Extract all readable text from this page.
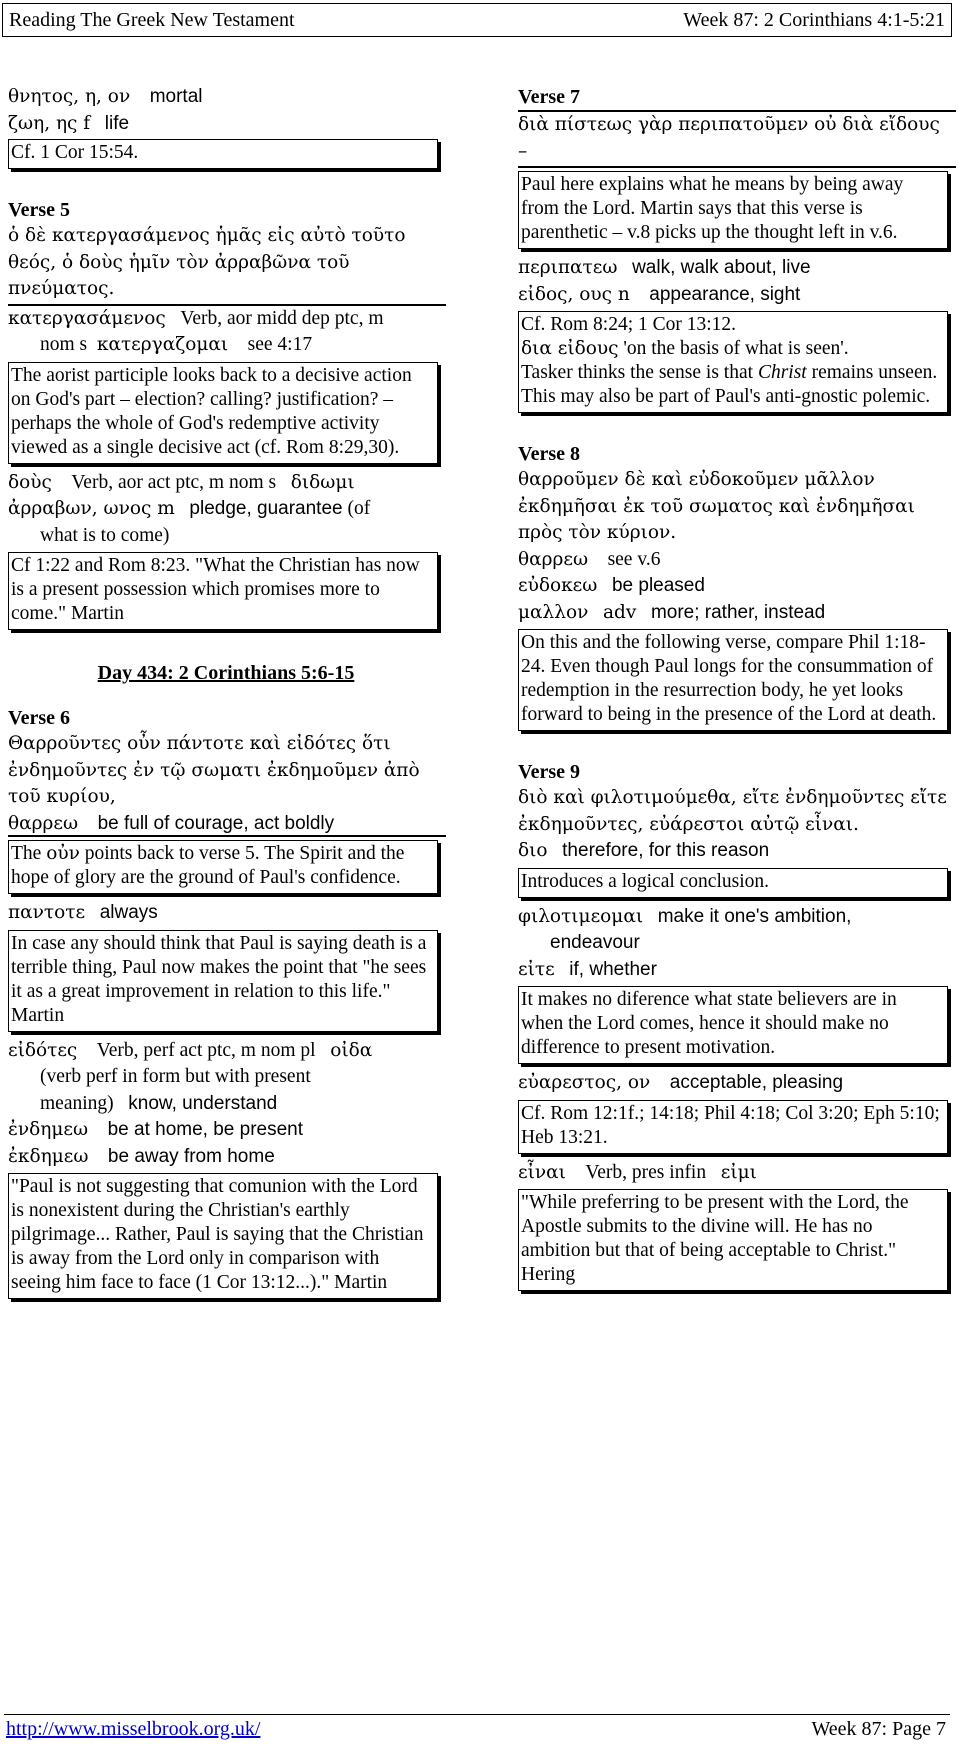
Reading The Greek New Testament	Week 87: 2 Corinthians 4:1-5:21
θνητος, η, ον mortal
ζωη, ης f life
Cf. 1 Cor 15:54.
Verse 5
ὁ δὲ κατεργασάμενος ἡμᾶς εἰς αὐτὸ τοῦτο θεός, ὁ δοὺς ἡμῖν τὸν ἀρραβῶνα τοῦ πνεύματος.
κατεργασάμενος Verb, aor midd dep ptc, m
nom s κατεργαζομαι see 4:17
The aorist participle looks back to a decisive action on God's part – election? calling? justification? – perhaps the whole of God's redemptive activity viewed as a single decisive act (cf. Rom 8:29,30).
δοὺς Verb, aor act ptc, m nom s διδωμι
ἀρραβων, ωνος m pledge, guarantee (of
what is to come)
Cf 1:22 and Rom 8:23. "What the Christian has now is a present possession which promises more to come." Martin
Day 434: 2 Corinthians 5:6-15
Verse 6
Θαρροῦντες οὖν πάντοτε καὶ εἰδότες ὅτι ἐνδημοῦντες ἐν τῷ σωματι ἐκδημοῦμεν ἀπὸ τοῦ κυρίου,
θαρρεω be full of courage, act boldly
The οὐν points back to verse 5. The Spirit and the hope of glory are the ground of Paul's confidence.
παντοτε always
In case any should think that Paul is saying death is a terrible thing, Paul now makes the point that "he sees it as a great improvement in relation to this life." Martin
εἰδότες Verb, perf act ptc, m nom pl οἰδα
(verb perf in form but with present
meaning) know, understand
ἐνδημεω be at home, be present
ἐκδημεω be away from home
"Paul is not suggesting that comunion with the Lord is nonexistent during the Christian's earthly pilgrimage... Rather, Paul is saying that the Christian is away from the Lord only in comparison with seeing him face to face (1 Cor 13:12...)." Martin
Verse 7
διὰ πίστεως γὰρ περιπατοῦμεν οὐ διὰ εἴδους –
Paul here explains what he means by being away from the Lord. Martin says that this verse is parenthetic – v.8 picks up the thought left in v.6.
περιπατεω walk, walk about, live
εἰδος, ους n appearance, sight
Cf. Rom 8:24; 1 Cor 13:12.
δια εἰδους 'on the basis of what is seen'.
Tasker thinks the sense is that Christ remains unseen. This may also be part of Paul's anti-gnostic polemic.
Verse 8
θαρροῦμεν δὲ καὶ εὐδοκοῦμεν μᾶλλον ἐκδημῆσαι ἐκ τοῦ σωματος καὶ ἐνδημῆσαι πρὸς τὸν κύριον.
θαρρεω see v.6
εὐδοκεω be pleased
μαλλον adv more; rather, instead
On this and the following verse, compare Phil 1:18-24. Even though Paul longs for the consummation of redemption in the resurrection body, he yet looks forward to being in the presence of the Lord at death.
Verse 9
διὸ καὶ φιλοτιμούμεθα, εἴτε ἐνδημοῦντες εἴτε ἐκδημοῦντες, εὐάρεστοι αὐτῷ εἶναι.
διο therefore, for this reason
Introduces a logical conclusion.
φιλοτιμεομαι make it one's ambition,
endeavour
εἰτε if, whether
It makes no diference what state believers are in when the Lord comes, hence it should make no difference to present motivation.
εὐαρεστος, ον acceptable, pleasing
Cf. Rom 12:1f.; 14:18; Phil 4:18; Col 3:20; Eph 5:10; Heb 13:21.
εἶναι Verb, pres infin εἰμι
"While preferring to be present with the Lord, the Apostle submits to the divine will. He has no ambition but that of being acceptable to Christ." Hering
http://www.misselbrook.org.uk/	Week 87: Page 7
